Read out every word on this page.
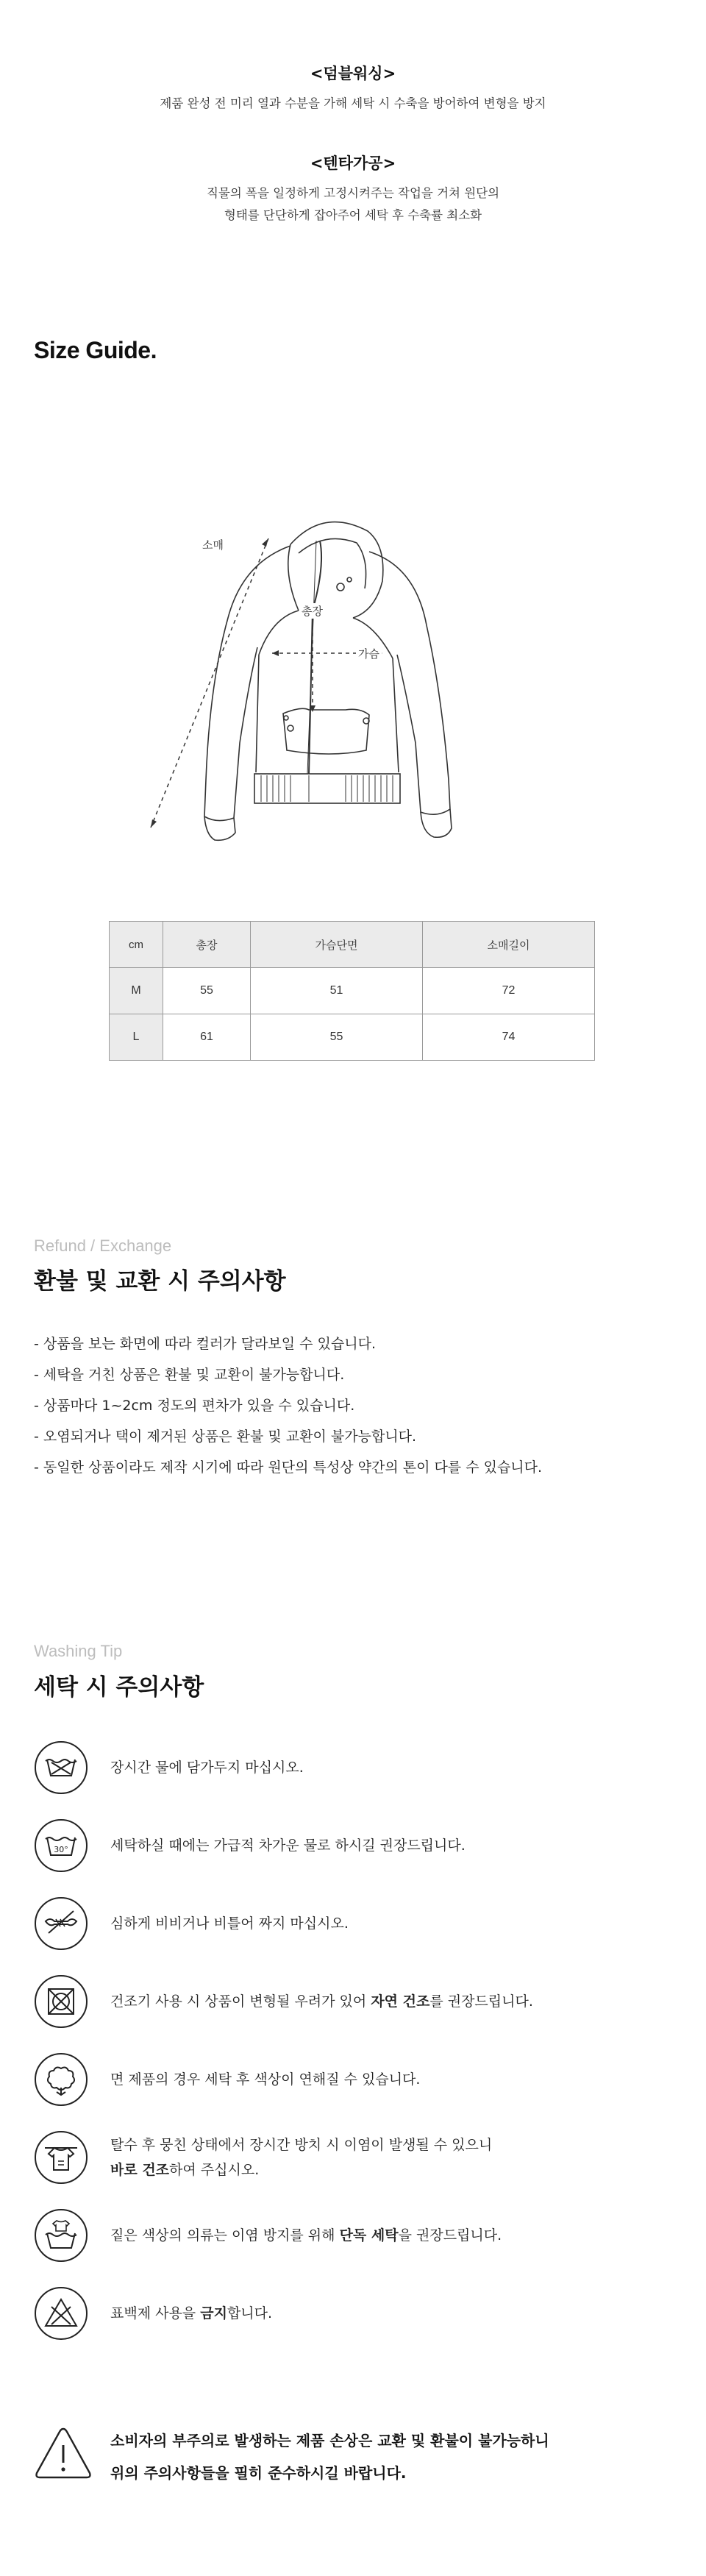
<덤블워싱>

제품 완성 전 미리 열과 수분을 가해 세탁 시 수축을 방어하여 변형을 방지

<텐타가공>

직물의 폭을 일정하게 고정시켜주는 작업을 거쳐 원단의
형태를 단단하게 잡아주어 세탁 후 수축률 최소화

Size Guide.
소매
총장
가슴
cm	총장	가슴단면	소매길이
M	55	51	72
L	61	55	74
Refund / Exchange
환불 및 교환 시 주의사항
- 상품을 보는 화면에 따라 컬러가 달라보일 수 있습니다.
- 세탁을 거친 상품은 환불 및 교환이 불가능합니다.
- 상품마다 1~2cm 정도의 편차가 있을 수 있습니다.
- 오염되거나 택이 제거된 상품은 환불 및 교환이 불가능합니다.
- 동일한 상품이라도 제작 시기에 따라 원단의 특성상 약간의 톤이 다를 수 있습니다.
Washing Tip
세탁 시 주의사항
장시간 물에 담가두지 마십시오.
30°	세탁하실 때에는 가급적 차가운 물로 하시길 권장드립니다.
심하게 비비거나 비틀어 짜지 마십시오.
건조기 사용 시 상품이 변형될 우려가 있어 자연 건조를 권장드립니다.
면 제품의 경우 세탁 후 색상이 연해질 수 있습니다.
탈수 후 뭉친 상태에서 장시간 방치 시 이염이 발생될 수 있으니
바로 건조하여 주십시오.
짙은 색상의 의류는 이염 방지를 위해 단독 세탁을 권장드립니다.
표백제 사용을 금지합니다.
소비자의 부주의로 발생하는 제품 손상은 교환 및 환불이 불가능하니
위의 주의사항들을 필히 준수하시길 바랍니다.
